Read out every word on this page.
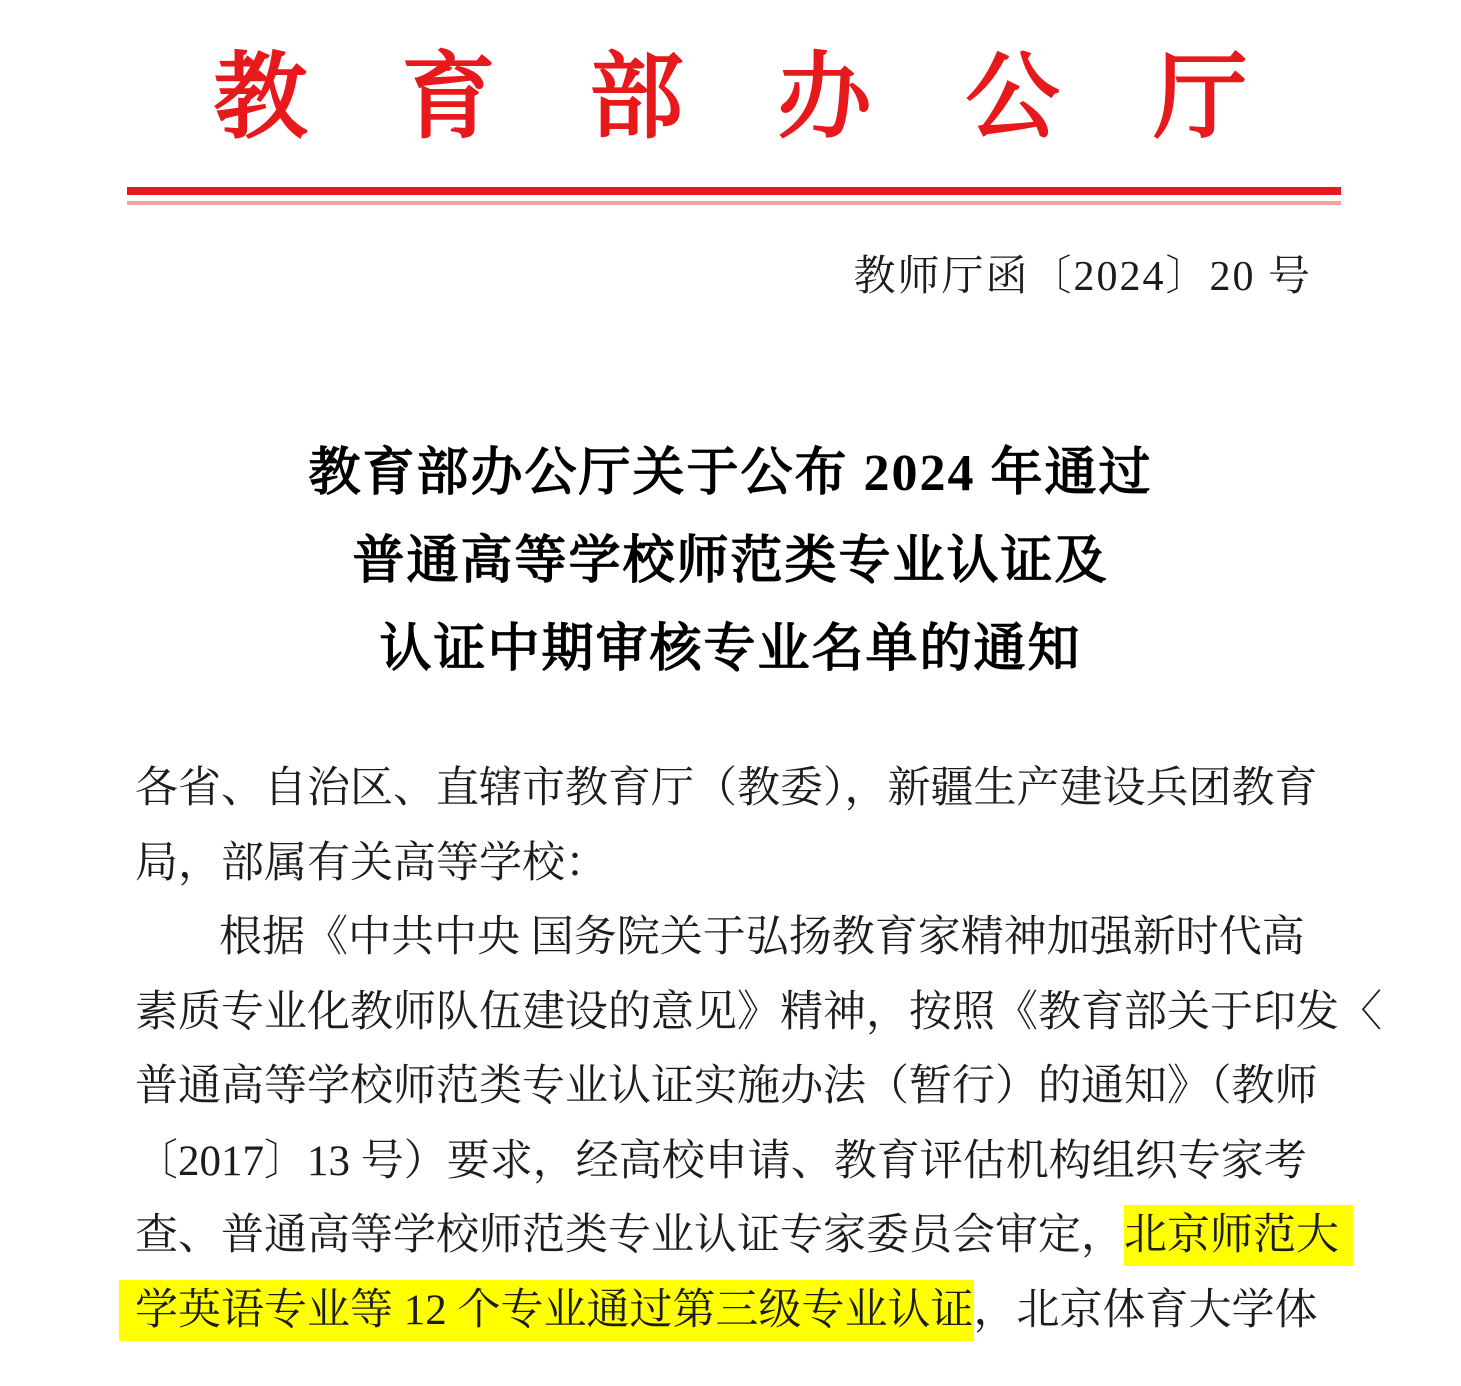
教育部办公厅
教师厅函〔2024〕20 号
教育部办公厅关于公布 2024 年通过
普通高等学校师范类专业认证及
认证中期审核专业名单的通知
各省、自治区、直辖市教育厅（教委），新疆生产建设兵团教育
局，部属有关高等学校：
根据《中共中央 国务院关于弘扬教育家精神加强新时代高
素质专业化教师队伍建设的意见》精神，按照《教育部关于印发〈
普通高等学校师范类专业认证实施办法（暂行）的通知》（教师
〔2017〕13 号）要求，经高校申请、教育评估机构组织专家考
查、普通高等学校师范类专业认证专家委员会审定，北京师范大
学英语专业等 12 个专业通过第三级专业认证，北京体育大学体
